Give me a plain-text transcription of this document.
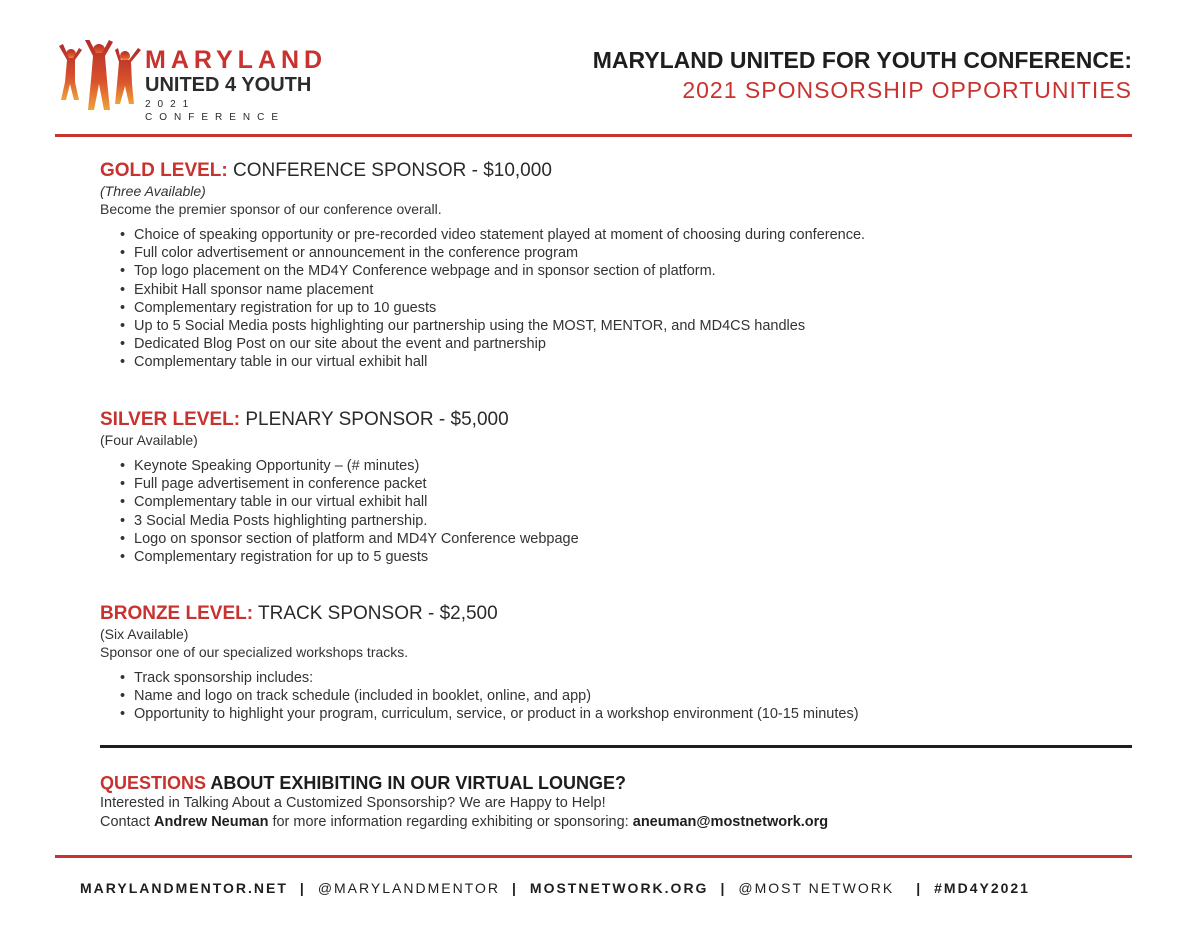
MARYLAND
UNITED 4 YOUTH
2021 CONFERENCE
MARYLAND UNITED FOR YOUTH CONFERENCE:
2021 SPONSORSHIP OPPORTUNITIES
GOLD LEVEL: CONFERENCE SPONSOR - $10,000
(Three Available)
Become the premier sponsor of our conference overall.
• Choice of speaking opportunity or pre-recorded video statement played at moment of choosing during conference.
• Full color advertisement or announcement in the conference program
• Top logo placement on the MD4Y Conference webpage and in sponsor section of platform.
• Exhibit Hall sponsor name placement
• Complementary registration for up to 10 guests
• Up to 5 Social Media posts highlighting our partnership using the MOST, MENTOR, and MD4CS handles
• Dedicated Blog Post on our site about the event and partnership
• Complementary table in our virtual exhibit hall
SILVER LEVEL: PLENARY SPONSOR - $5,000
(Four Available)
• Keynote Speaking Opportunity – (# minutes)
• Full page advertisement in conference packet
• Complementary table in our virtual exhibit hall
• 3 Social Media Posts highlighting partnership.
• Logo on sponsor section of platform and MD4Y Conference webpage
• Complementary registration for up to 5 guests
BRONZE LEVEL: TRACK SPONSOR - $2,500
(Six Available)
Sponsor one of our specialized workshops tracks.
• Track sponsorship includes:
• Name and logo on track schedule (included in booklet, online, and app)
• Opportunity to highlight your program, curriculum, service, or product in a workshop environment (10-15 minutes)
QUESTIONS ABOUT EXHIBITING IN OUR VIRTUAL LOUNGE?
Interested in Talking About a Customized Sponsorship? We are Happy to Help!
Contact Andrew Neuman for more information regarding exhibiting or sponsoring: aneuman@mostnetwork.org
MARYLANDMENTOR.NET | @MARYLANDMENTOR | MOSTNETWORK.ORG | @MOST NETWORK | #MD4Y2021
